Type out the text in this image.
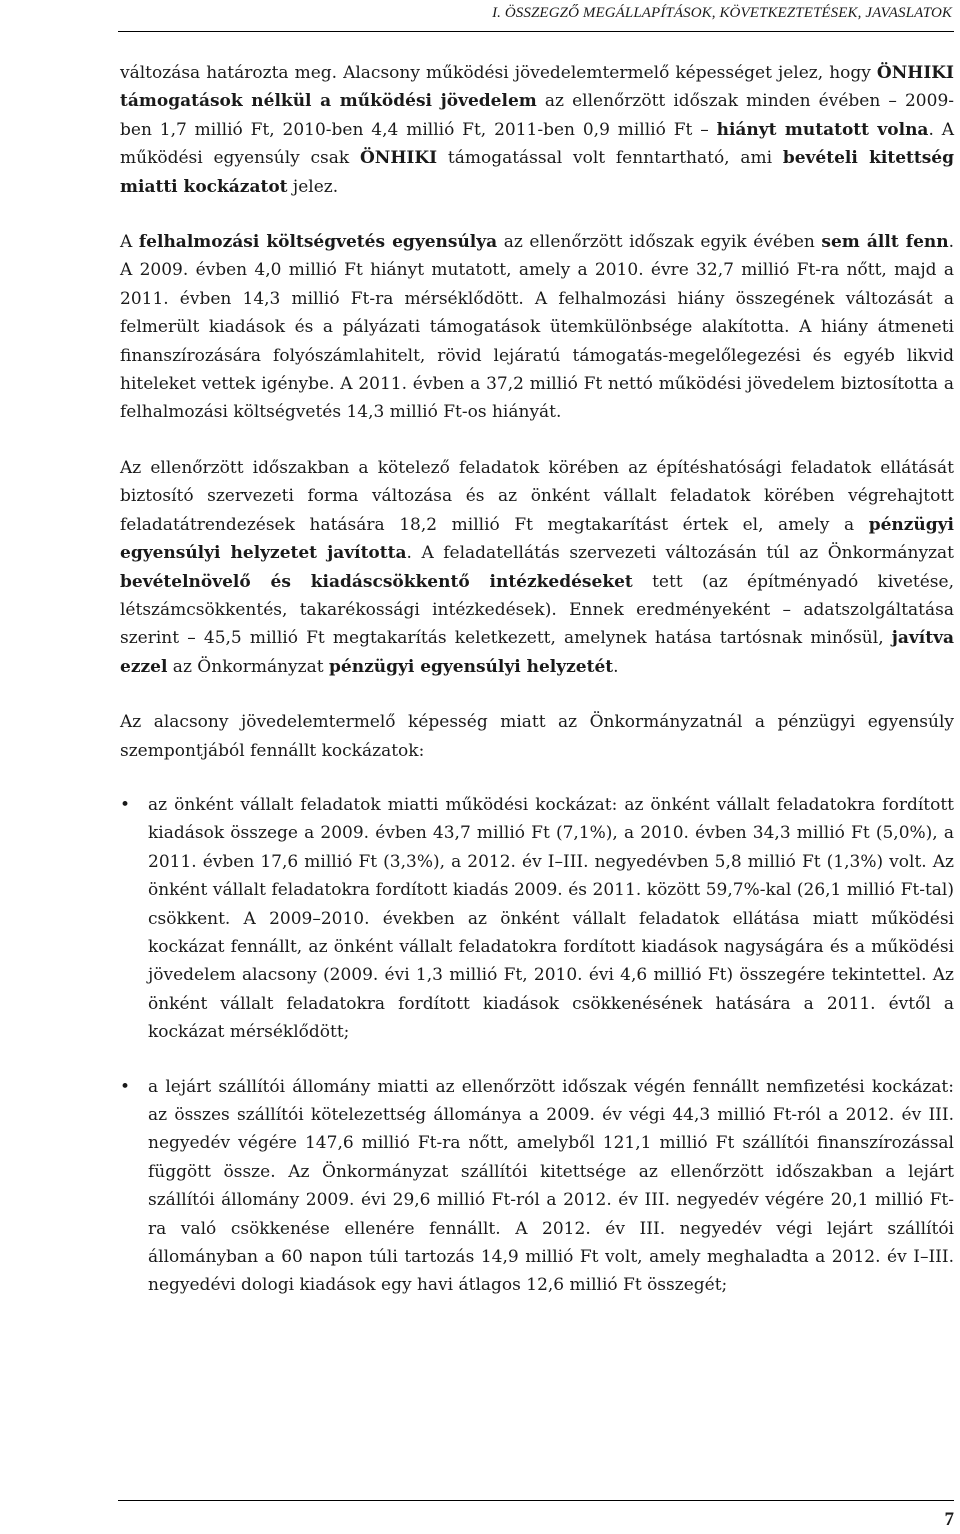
I. ÖSSZEGZŐ MEGÁLLAPÍTÁSOK, KÖVETKEZTETÉSEK, JAVASLATOK

változása határozta meg. Alacsony működési jövedelemtermelő képességet jelez, hogy ÖNHIKI támogatások nélkül a működési jövedelem az ellenőrzött időszak minden évében – 2009-ben 1,7 millió Ft, 2010-ben 4,4 millió Ft, 2011-ben 0,9 millió Ft – hiányt mutatott volna. A működési egyensúly csak ÖNHIKI támogatással volt fenntartható, ami bevételi kitettség miatti kockázatot jelez.

A felhalmozási költségvetés egyensúlya az ellenőrzött időszak egyik évében sem állt fenn. A 2009. évben 4,0 millió Ft hiányt mutatott, amely a 2010. évre 32,7 millió Ft-ra nőtt, majd a 2011. évben 14,3 millió Ft-ra mérséklődött. A felhalmozási hiány összegének változását a felmerült kiadások és a pályázati támogatások ütemkülönbsége alakította. A hiány átmeneti finanszírozására folyószámlahitelt, rövid lejáratú támogatás-megelőlegezési és egyéb likvid hiteleket vettek igénybe. A 2011. évben a 37,2 millió Ft nettó működési jövedelem biztosította a felhalmozási költségvetés 14,3 millió Ft-os hiányát.

Az ellenőrzött időszakban a kötelező feladatok körében az építéshatósági feladatok ellátását biztosító szervezeti forma változása és az önként vállalt feladatok körében végrehajtott feladatátrendezések hatására 18,2 millió Ft megtakarítást értek el, amely a pénzügyi egyensúlyi helyzetet javította. A feladatellátás szervezeti változásán túl az Önkormányzat bevételnövelő és kiadáscsökkentő intézkedéseket tett (az építményadó kivetése, létszámcsökkentés, takarékossági intézkedések). Ennek eredményeként – adatszolgáltatása szerint – 45,5 millió Ft megtakarítás keletkezett, amelynek hatása tartósnak minősül, javítva ezzel az Önkormányzat pénzügyi egyensúlyi helyzetét.

Az alacsony jövedelemtermelő képesség miatt az Önkormányzatnál a pénzügyi egyensúly szempontjából fennállt kockázatok:

• az önként vállalt feladatok miatti működési kockázat: az önként vállalt feladatokra fordított kiadások összege a 2009. évben 43,7 millió Ft (7,1%), a 2010. évben 34,3 millió Ft (5,0%), a 2011. évben 17,6 millió Ft (3,3%), a 2012. év I–III. negyedévben 5,8 millió Ft (1,3%) volt. Az önként vállalt feladatokra fordított kiadás 2009. és 2011. között 59,7%-kal (26,1 millió Ft-tal) csökkent. A 2009–2010. években az önként vállalt feladatok ellátása miatt működési kockázat fennállt, az önként vállalt feladatokra fordított kiadások nagyságára és a működési jövedelem alacsony (2009. évi 1,3 millió Ft, 2010. évi 4,6 millió Ft) összegére tekintettel. Az önként vállalt feladatokra fordított kiadások csökkenésének hatására a 2011. évtől a kockázat mérséklődött;
• a lejárt szállítói állomány miatti az ellenőrzött időszak végén fennállt nemfizetési kockázat: az összes szállítói kötelezettség állománya a 2009. év végi 44,3 millió Ft-ról a 2012. év III. negyedév végére 147,6 millió Ft-ra nőtt, amelyből 121,1 millió Ft szállítói finanszírozással függött össze. Az Önkormányzat szállítói kitettsége az ellenőrzött időszakban a lejárt szállítói állomány 2009. évi 29,6 millió Ft-ról a 2012. év III. negyedév végére 20,1 millió Ft-ra való csökkenése ellenére fennállt. A 2012. év III. negyedév végi lejárt szállítói állományban a 60 napon túli tartozás 14,9 millió Ft volt, amely meghaladta a 2012. év I–III. negyedévi dologi kiadások egy havi átlagos 12,6 millió Ft összegét;
7
